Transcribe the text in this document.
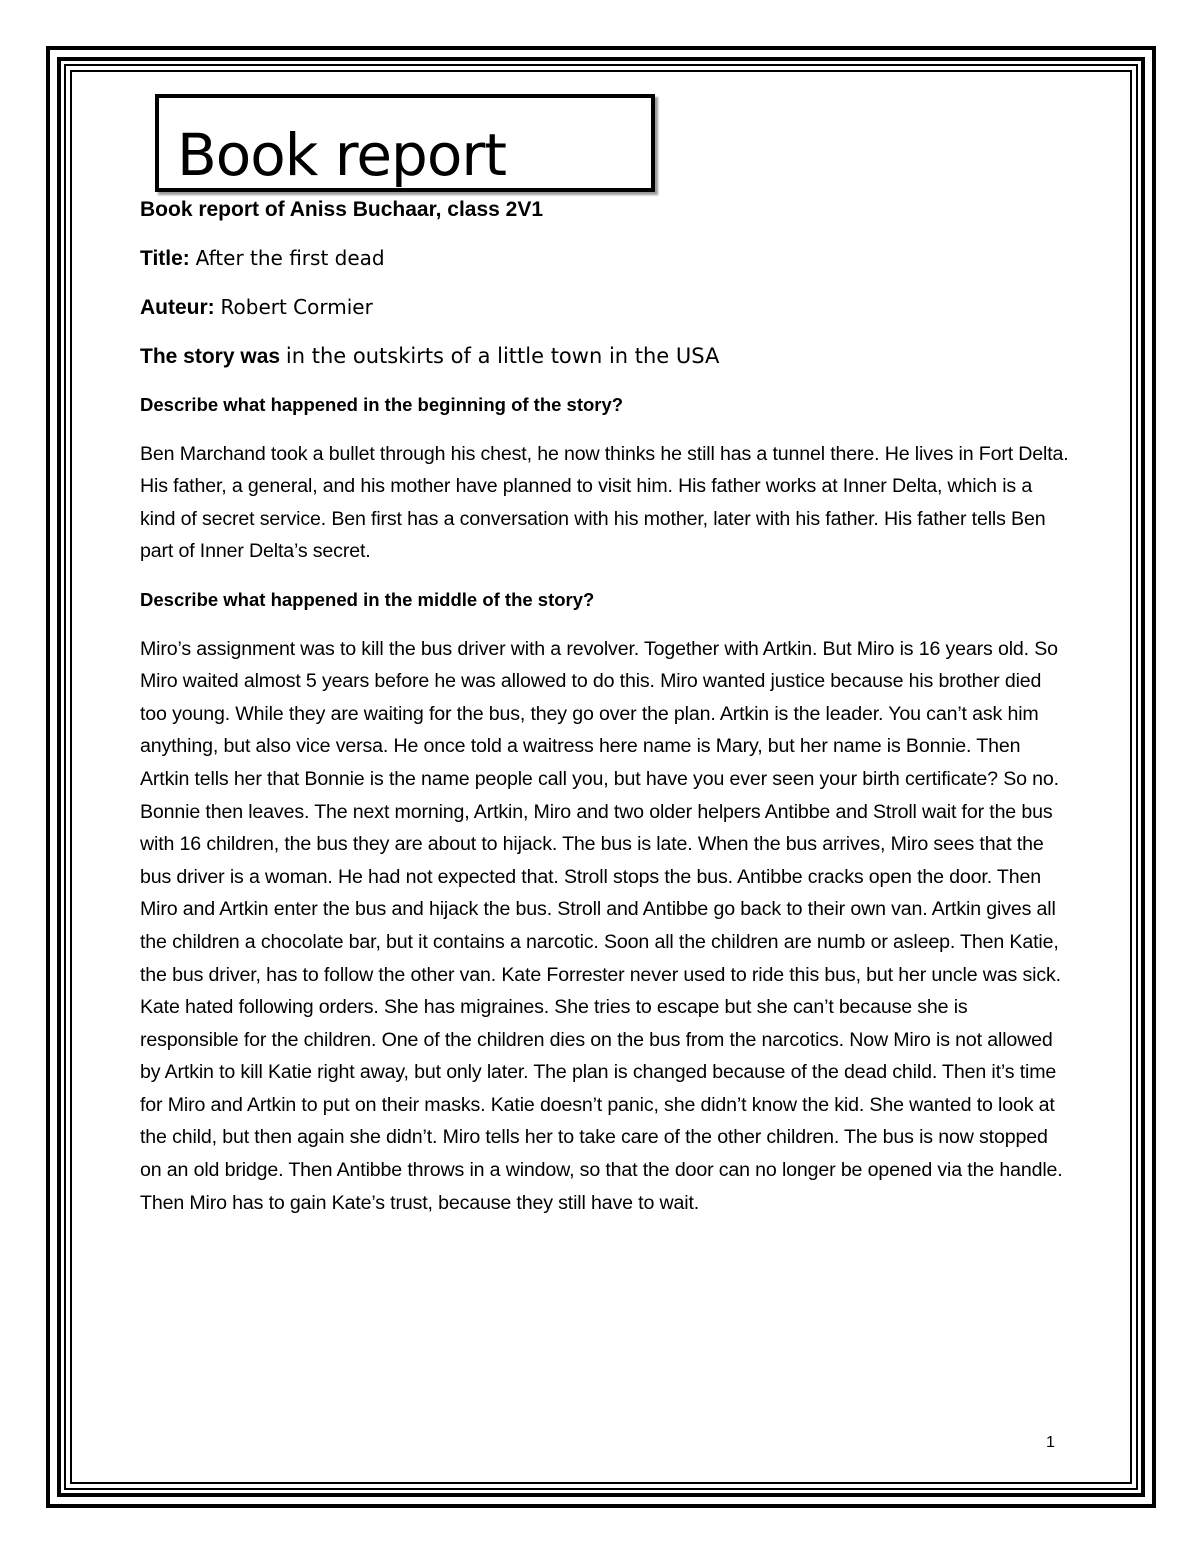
Book report

Book report of Aniss Buchaar, class 2V1

Title: After the first dead

Auteur: Robert Cormier

The story was in the outskirts of a little town in the USA

Describe what happened in the beginning of the story?

Ben Marchand took a bullet through his chest, he now thinks he still has a tunnel there. He lives in Fort Delta. His father, a general, and his mother have planned to visit him. His father works at Inner Delta, which is a kind of secret service. Ben first has a conversation with his mother, later with his father. His father tells Ben part of Inner Delta’s secret.

Describe what happened in the middle of the story?

Miro’s assignment was to kill the bus driver with a revolver. Together with Artkin. But Miro is 16 years old. So Miro waited almost 5 years before he was allowed to do this. Miro wanted justice because his brother died too young. While they are waiting for the bus, they go over the plan. Artkin is the leader. You can’t ask him anything, but also vice versa. He once told a waitress here name is Mary, but her name is Bonnie. Then Artkin tells her that Bonnie is the name people call you, but have you ever seen your birth certificate? So no. Bonnie then leaves. The next morning, Artkin, Miro and two older helpers Antibbe and Stroll wait for the bus with 16 children, the bus they are about to hijack. The bus is late. When the bus arrives, Miro sees that the bus driver is a woman. He had not expected that. Stroll stops the bus. Antibbe cracks open the door. Then Miro and Artkin enter the bus and hijack the bus. Stroll and Antibbe go back to their own van. Artkin gives all the children a chocolate bar, but it contains a narcotic. Soon all the children are numb or asleep. Then Katie, the bus driver, has to follow the other van. Kate Forrester never used to ride this bus, but her uncle was sick. Kate hated following orders. She has migraines. She tries to escape but she can’t because she is responsible for the children. One of the children dies on the bus from the narcotics. Now Miro is not allowed by Artkin to kill Katie right away, but only later. The plan is changed because of the dead child. Then it’s time for Miro and Artkin to put on their masks. Katie doesn’t panic, she didn’t know the kid. She wanted to look at the child, but then again she didn’t. Miro tells her to take care of the other children. The bus is now stopped on an old bridge. Then Antibbe throws in a window, so that the door can no longer be opened via the handle. Then Miro has to gain Kate’s trust, because they still have to wait.

1
